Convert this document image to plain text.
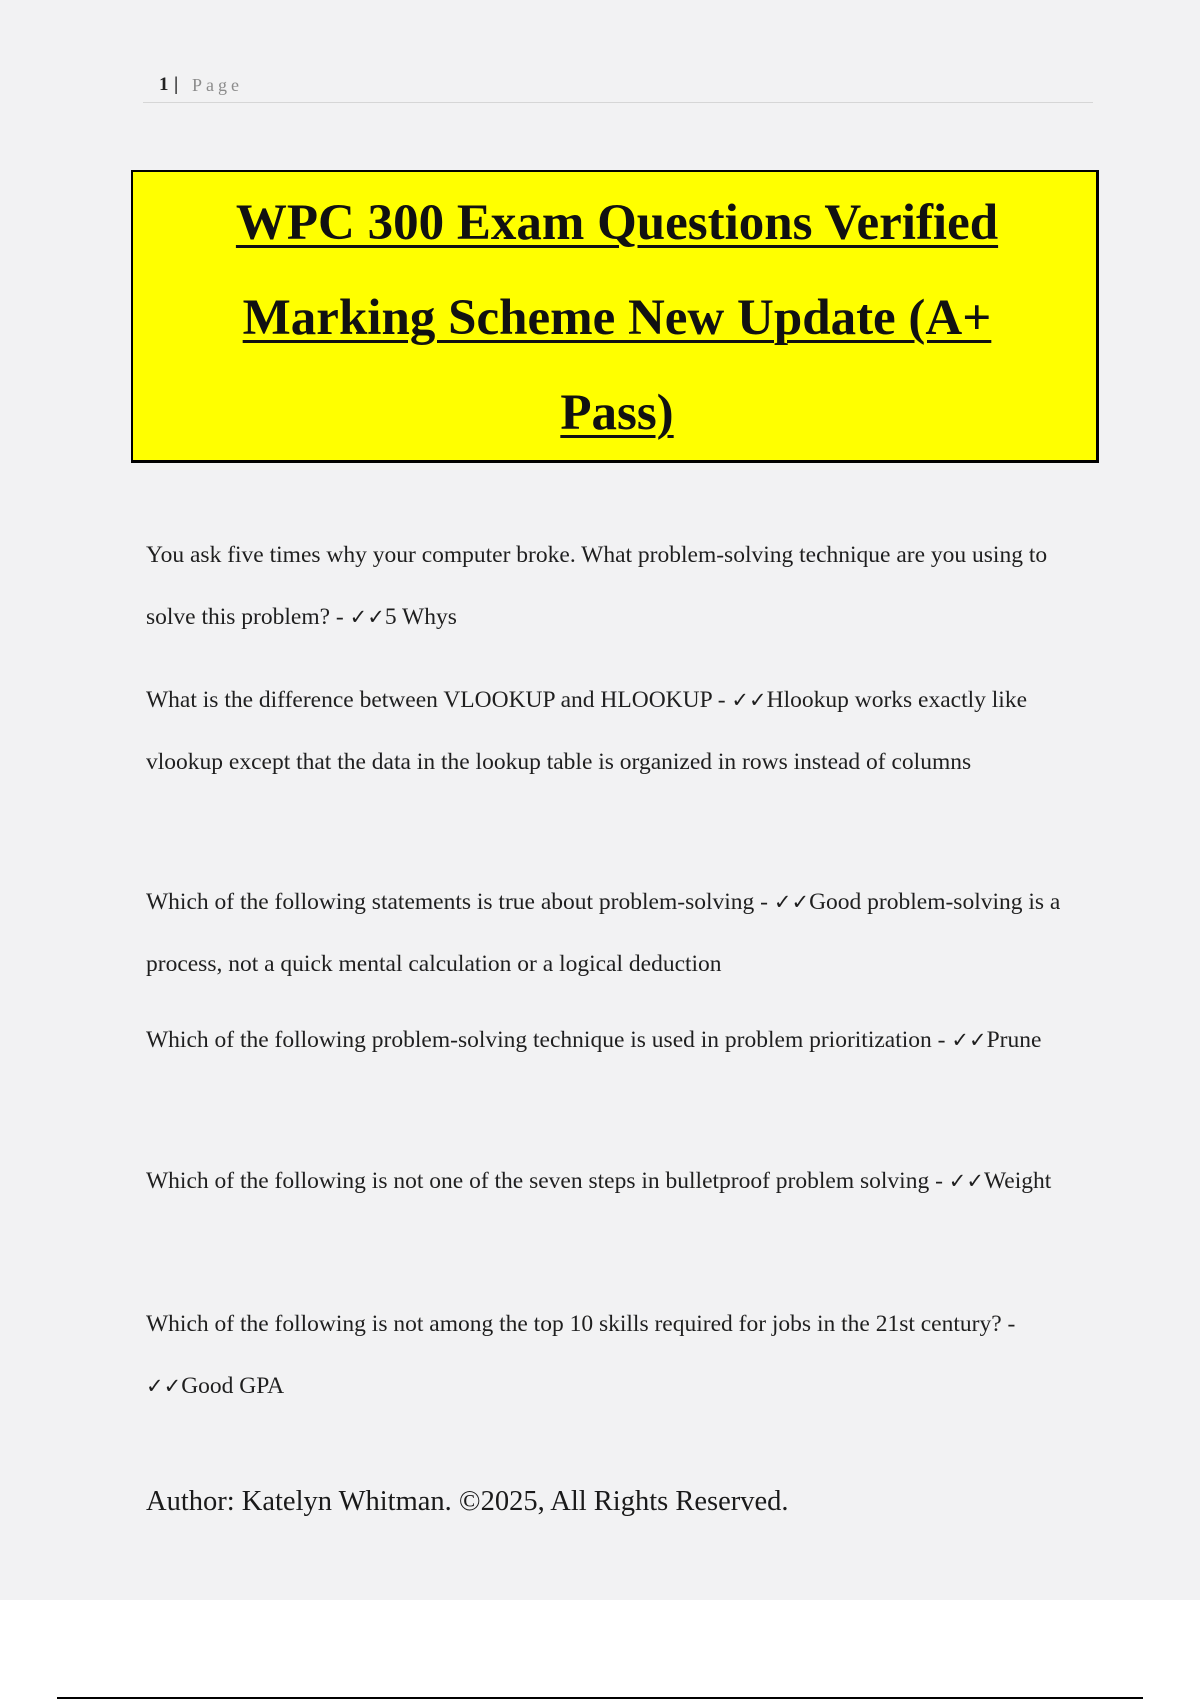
1 | Page
WPC 300 Exam Questions Verified
Marking Scheme New Update (A+
Pass)
You ask five times why your computer broke. What problem-solving technique are you using to solve this problem? - ✓✓5 Whys
What is the difference between VLOOKUP and HLOOKUP - ✓✓Hlookup works exactly like vlookup except that the data in the lookup table is organized in rows instead of columns
Which of the following statements is true about problem-solving - ✓✓Good problem-solving is a process, not a quick mental calculation or a logical deduction
Which of the following problem-solving technique is used in problem prioritization - ✓✓Prune
Which of the following is not one of the seven steps in bulletproof problem solving - ✓✓Weight
Which of the following is not among the top 10 skills required for jobs in the 21st century? - ✓✓Good GPA
Author: Katelyn Whitman. ©2025, All Rights Reserved.
